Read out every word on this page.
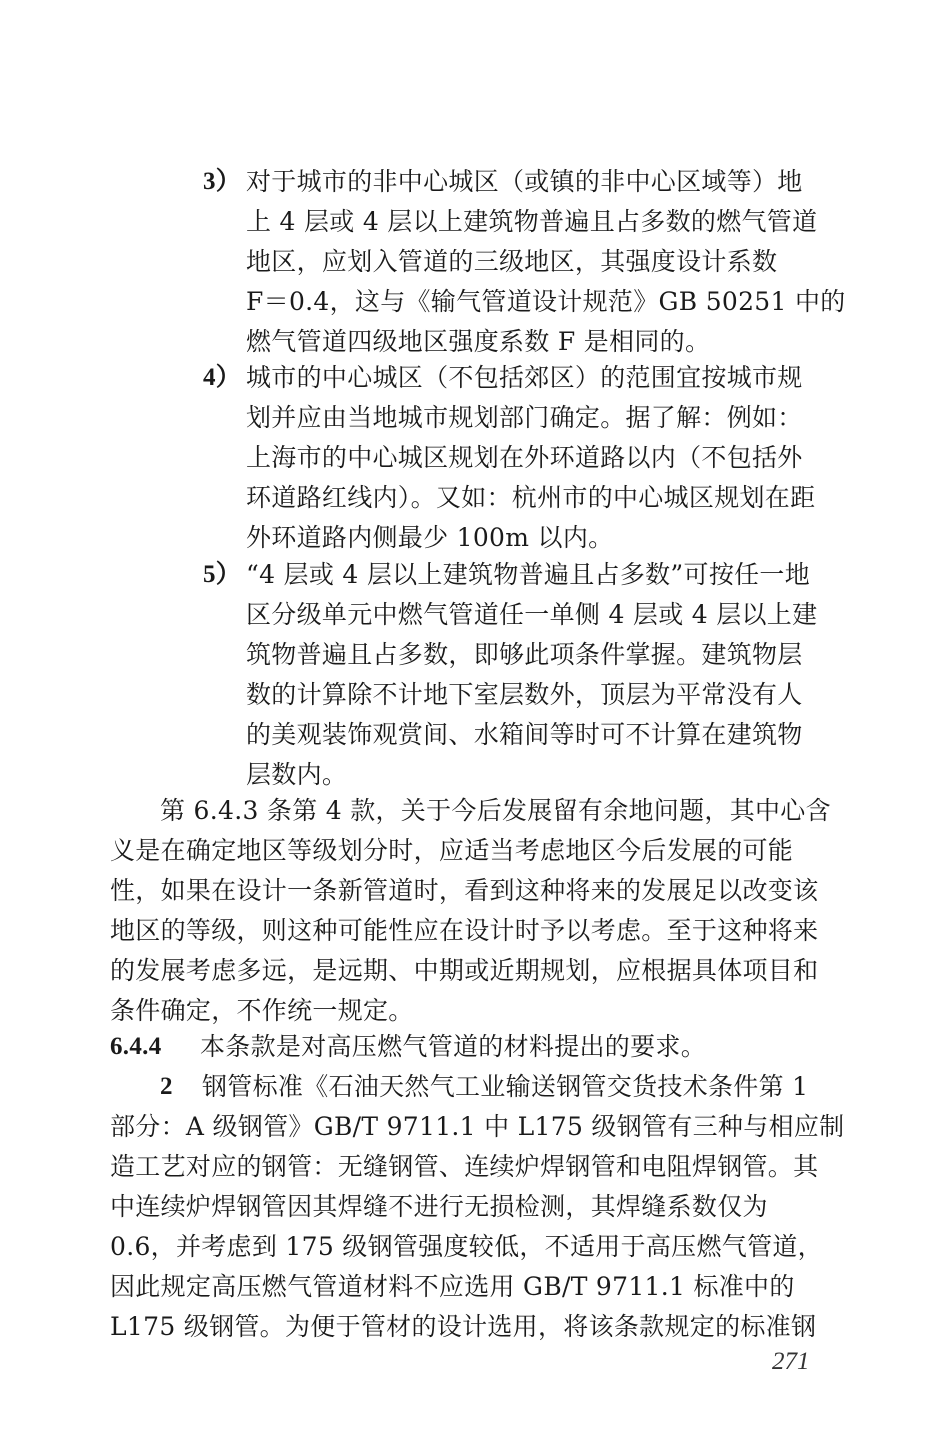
3） 对于城市的非中心城区（或镇的非中心区域等）地
上 4 层或 4 层以上建筑物普遍且占多数的燃气管道
地区，应划入管道的三级地区，其强度设计系数
F＝0.4，这与《输气管道设计规范》GB 50251 中的
燃气管道四级地区强度系数 F 是相同的。
4） 城市的中心城区（不包括郊区）的范围宜按城市规
划并应由当地城市规划部门确定。据了解：例如：
上海市的中心城区规划在外环道路以内（不包括外
环道路红线内）。又如：杭州市的中心城区规划在距
外环道路内侧最少 100m 以内。
5） “4 层或 4 层以上建筑物普遍且占多数”可按任一地
区分级单元中燃气管道任一单侧 4 层或 4 层以上建
筑物普遍且占多数，即够此项条件掌握。建筑物层
数的计算除不计地下室层数外，顶层为平常没有人
的美观装饰观赏间、水箱间等时可不计算在建筑物
层数内。
第 6.4.3 条第 4 款，关于今后发展留有余地问题，其中心含
义是在确定地区等级划分时，应适当考虑地区今后发展的可能
性，如果在设计一条新管道时，看到这种将来的发展足以改变该
地区的等级，则这种可能性应在设计时予以考虑。至于这种将来
的发展考虑多远，是远期、中期或近期规划，应根据具体项目和
条件确定，不作统一规定。
6.4.4 本条款是对高压燃气管道的材料提出的要求。
2 钢管标准《石油天然气工业输送钢管交货技术条件第 1
部分：A 级钢管》GB/T 9711.1 中 L175 级钢管有三种与相应制
造工艺对应的钢管：无缝钢管、连续炉焊钢管和电阻焊钢管。其
中连续炉焊钢管因其焊缝不进行无损检测，其焊缝系数仅为
0.6，并考虑到 175 级钢管强度较低，不适用于高压燃气管道，
因此规定高压燃气管道材料不应选用 GB/T 9711.1 标准中的
L175 级钢管。为便于管材的设计选用，将该条款规定的标准钢
271
